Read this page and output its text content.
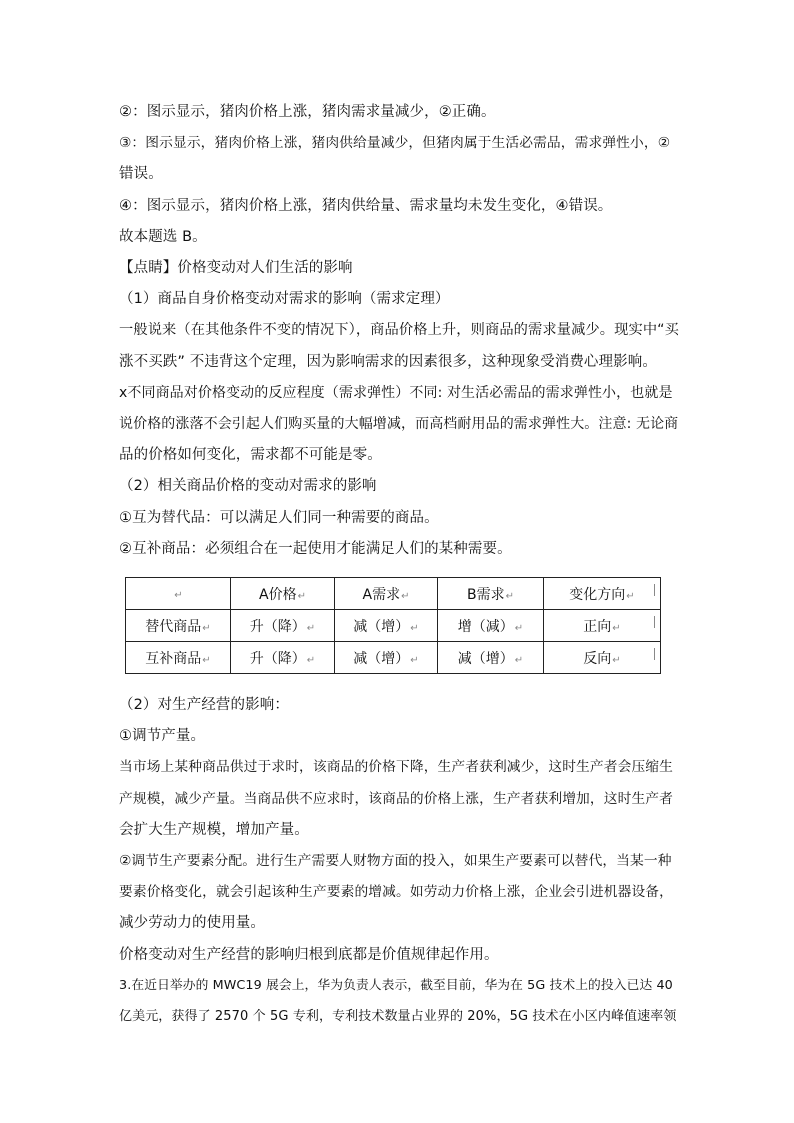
②：图示显示，猪肉价格上涨，猪肉需求量减少，②正确。
③：图示显示，猪肉价格上涨，猪肉供给量减少，但猪肉属于生活必需品，需求弹性小，②
错误。
④：图示显示，猪肉价格上涨，猪肉供给量、需求量均未发生变化，④错误。
故本题选 B。
【点睛】价格变动对人们生活的影响
（1）商品自身价格变动对需求的影响（需求定理）
一般说来（在其他条件不变的情况下），商品价格上升，则商品的需求量减少。现实中“买
涨不买跌” 不违背这个定理，因为影响需求的因素很多，这种现象受消费心理影响。
ⅹ不同商品对价格变动的反应程度（需求弹性）不同: 对生活必需品的需求弹性小，也就是
说价格的涨落不会引起人们购买量的大幅增减，而高档耐用品的需求弹性大。注意: 无论商
品的价格如何变化，需求都不可能是零。
（2）相关商品价格的变动对需求的影响
①互为替代品：可以满足人们同一种需要的商品。
②互补商品：必须组合在一起使用才能满足人们的某种需要。
↵	A价格↵	A需求↵	B需求↵	变化方向↵
替代商品↵	升（降）↵	减（增）↵	增（减）↵	正向↵
互补商品↵	升（降）↵	减（增）↵	减（增）↵	反向↵
（2）对生产经营的影响：
①调节产量。
当市场上某种商品供过于求时，该商品的价格下降，生产者获利减少，这时生产者会压缩生
产规模，减少产量。当商品供不应求时，该商品的价格上涨，生产者获利增加，这时生产者
会扩大生产规模，增加产量。
②调节生产要素分配。进行生产需要人财物方面的投入，如果生产要素可以替代，当某一种
要素价格变化，就会引起该种生产要素的增减。如劳动力价格上涨，企业会引进机器设备，
减少劳动力的使用量。
价格变动对生产经营的影响归根到底都是价值规律起作用。
3.在近日举办的 MWC19 展会上，华为负责人表示，截至目前，华为在 5G 技术上的投入已达 40
亿美元，获得了 2570 个 5G 专利，专利技术数量占业界的 20%，5G 技术在小区内峰值速率领
